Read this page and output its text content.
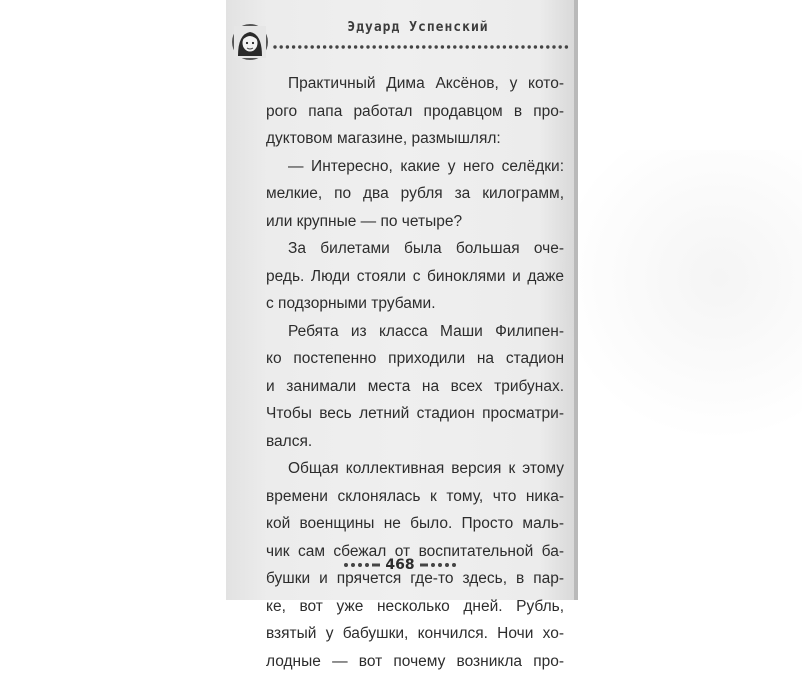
Эдуард Успенский
Практичный Дима Аксёнов, у кото-
рого папа работал продавцом в про-
дуктовом магазине, размышлял:
— Интересно, какие у него селёдки:
мелкие, по два рубля за килограмм,
или крупные — по четыре?
За билетами была большая оче-
редь. Люди стояли с биноклями и даже
с подзорными трубами.
Ребята из класса Маши Филипен-
ко постепенно приходили на стадион
и занимали места на всех трибунах.
Чтобы весь летний стадион просматри-
вался.
Общая коллективная версия к этому
времени склонялась к тому, что ника-
кой военщины не было. Просто маль-
чик сам сбежал от воспитательной ба-
бушки и прячется где-то здесь, в пар-
ке, вот уже несколько дней. Рубль,
взятый у бабушки, кончился. Ночи хо-
лодные — вот почему возникла про-
468
